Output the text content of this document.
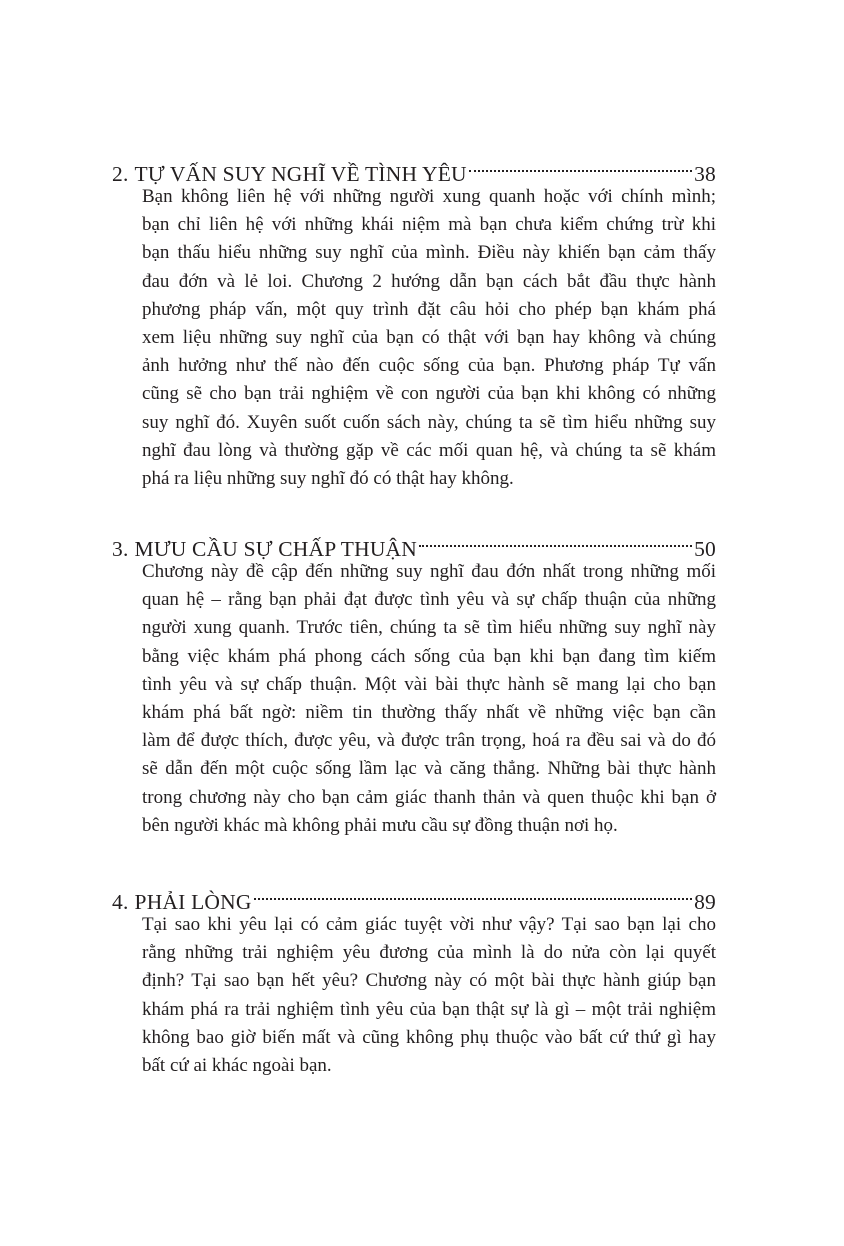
2. TỰ VẤN SUY NGHĨ VỀ TÌNH YÊU	38

Bạn không liên hệ với những người xung quanh hoặc với chính mình;
bạn chỉ liên hệ với những khái niệm mà bạn chưa kiểm chứng trừ khi
bạn thấu hiểu những suy nghĩ của mình. Điều này khiến bạn cảm thấy
đau đớn và lẻ loi. Chương 2 hướng dẫn bạn cách bắt đầu thực hành
phương pháp vấn, một quy trình đặt câu hỏi cho phép bạn khám phá
xem liệu những suy nghĩ của bạn có thật với bạn hay không và chúng
ảnh hưởng như thế nào đến cuộc sống của bạn. Phương pháp Tự vấn
cũng sẽ cho bạn trải nghiệm về con người của bạn khi không có những
suy nghĩ đó. Xuyên suốt cuốn sách này, chúng ta sẽ tìm hiểu những suy
nghĩ đau lòng và thường gặp về các mối quan hệ, và chúng ta sẽ khám
phá ra liệu những suy nghĩ đó có thật hay không.

3. MƯU CẦU SỰ CHẤP THUẬN	50

Chương này đề cập đến những suy nghĩ đau đớn nhất trong những mối
quan hệ – rằng bạn phải đạt được tình yêu và sự chấp thuận của những
người xung quanh. Trước tiên, chúng ta sẽ tìm hiểu những suy nghĩ này
bằng việc khám phá phong cách sống của bạn khi bạn đang tìm kiếm
tình yêu và sự chấp thuận. Một vài bài thực hành sẽ mang lại cho bạn
khám phá bất ngờ: niềm tin thường thấy nhất về những việc bạn cần
làm để được thích, được yêu, và được trân trọng, hoá ra đều sai và do đó
sẽ dẫn đến một cuộc sống lầm lạc và căng thẳng. Những bài thực hành
trong chương này cho bạn cảm giác thanh thản và quen thuộc khi bạn ở
bên người khác mà không phải mưu cầu sự đồng thuận nơi họ.

4. PHẢI LÒNG	89

Tại sao khi yêu lại có cảm giác tuyệt vời như vậy? Tại sao bạn lại cho
rằng những trải nghiệm yêu đương của mình là do nửa còn lại quyết
định? Tại sao bạn hết yêu? Chương này có một bài thực hành giúp bạn
khám phá ra trải nghiệm tình yêu của bạn thật sự là gì – một trải nghiệm
không bao giờ biến mất và cũng không phụ thuộc vào bất cứ thứ gì hay
bất cứ ai khác ngoài bạn.
